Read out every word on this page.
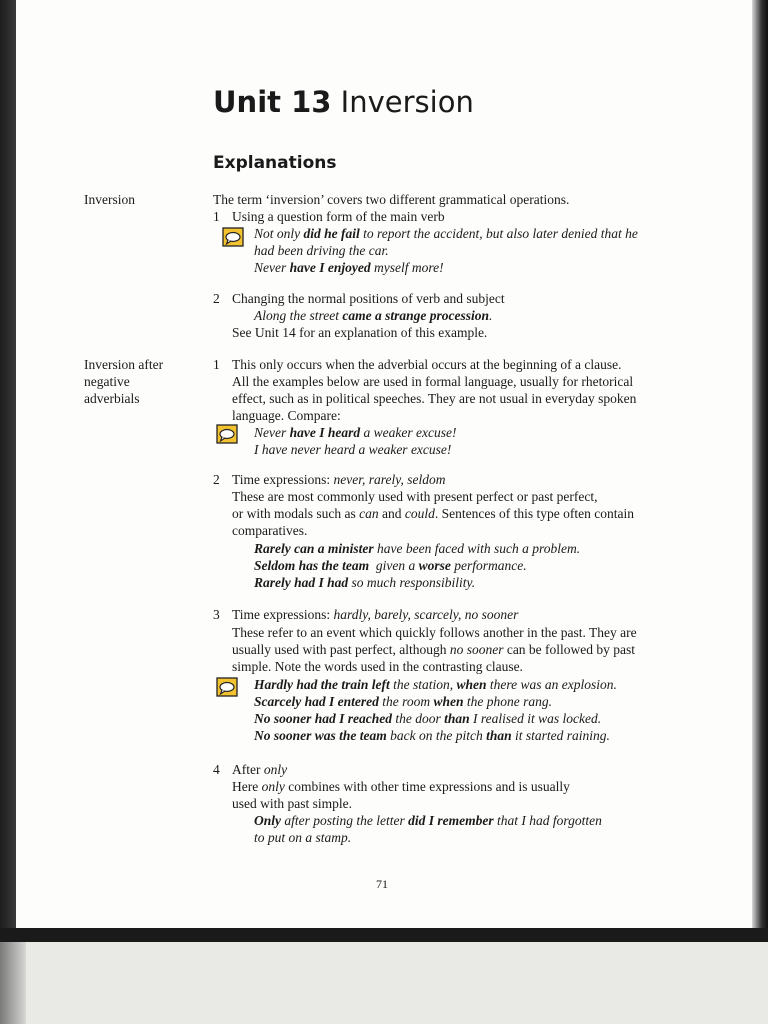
Unit 13 Inversion
Explanations
Inversion
Inversion after
negative
adverbials
The term ‘inversion’ covers two different grammatical operations.
1 Using a question form of the main verb
Not only did he fail to report the accident, but also later denied that he
had been driving the car.
Never have I enjoyed myself more!
2 Changing the normal positions of verb and subject
Along the street came a strange procession.
See Unit 14 for an explanation of this example.
1 This only occurs when the adverbial occurs at the beginning of a clause.
All the examples below are used in formal language, usually for rhetorical
effect, such as in political speeches. They are not usual in everyday spoken
language. Compare:
Never have I heard a weaker excuse!
I have never heard a weaker excuse!
2 Time expressions: never, rarely, seldom
These are most commonly used with present perfect or past perfect,
or with modals such as can and could. Sentences of this type often contain
comparatives.
Rarely can a minister have been faced with such a problem.
Seldom has the team given a worse performance.
Rarely had I had so much responsibility.
3 Time expressions: hardly, barely, scarcely, no sooner
These refer to an event which quickly follows another in the past. They are
usually used with past perfect, although no sooner can be followed by past
simple. Note the words used in the contrasting clause.
Hardly had the train left the station, when there was an explosion.
Scarcely had I entered the room when the phone rang.
No sooner had I reached the door than I realised it was locked.
No sooner was the team back on the pitch than it started raining.
4 After only
Here only combines with other time expressions and is usually
used with past simple.
Only after posting the letter did I remember that I had forgotten
to put on a stamp.
71
